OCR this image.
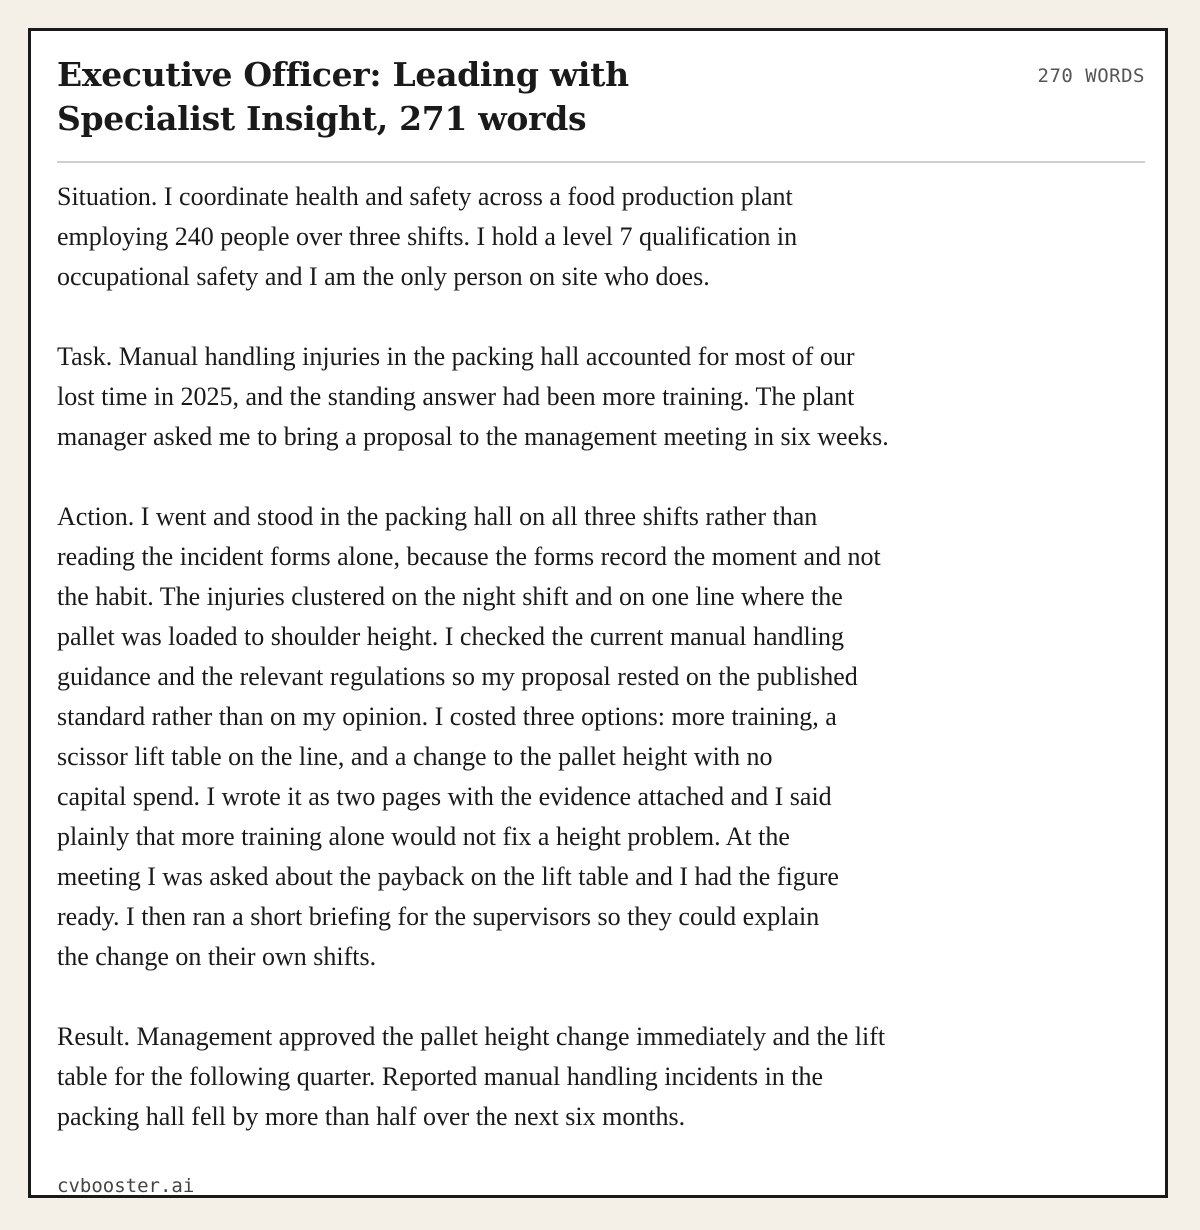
Executive Officer: Leading with Specialist Insight, 271 words
270 WORDS

Situation. I coordinate health and safety across a food production plant
employing 240 people over three shifts. I hold a level 7 qualification in
occupational safety and I am the only person on site who does.

Task. Manual handling injuries in the packing hall accounted for most of our
lost time in 2025, and the standing answer had been more training. The plant
manager asked me to bring a proposal to the management meeting in six weeks.

Action. I went and stood in the packing hall on all three shifts rather than
reading the incident forms alone, because the forms record the moment and not
the habit. The injuries clustered on the night shift and on one line where the
pallet was loaded to shoulder height. I checked the current manual handling
guidance and the relevant regulations so my proposal rested on the published
standard rather than on my opinion. I costed three options: more training, a
scissor lift table on the line, and a change to the pallet height with no
capital spend. I wrote it as two pages with the evidence attached and I said
plainly that more training alone would not fix a height problem. At the
meeting I was asked about the payback on the lift table and I had the figure
ready. I then ran a short briefing for the supervisors so they could explain
the change on their own shifts.

Result. Management approved the pallet height change immediately and the lift
table for the following quarter. Reported manual handling incidents in the
packing hall fell by more than half over the next six months.

cvbooster.ai
